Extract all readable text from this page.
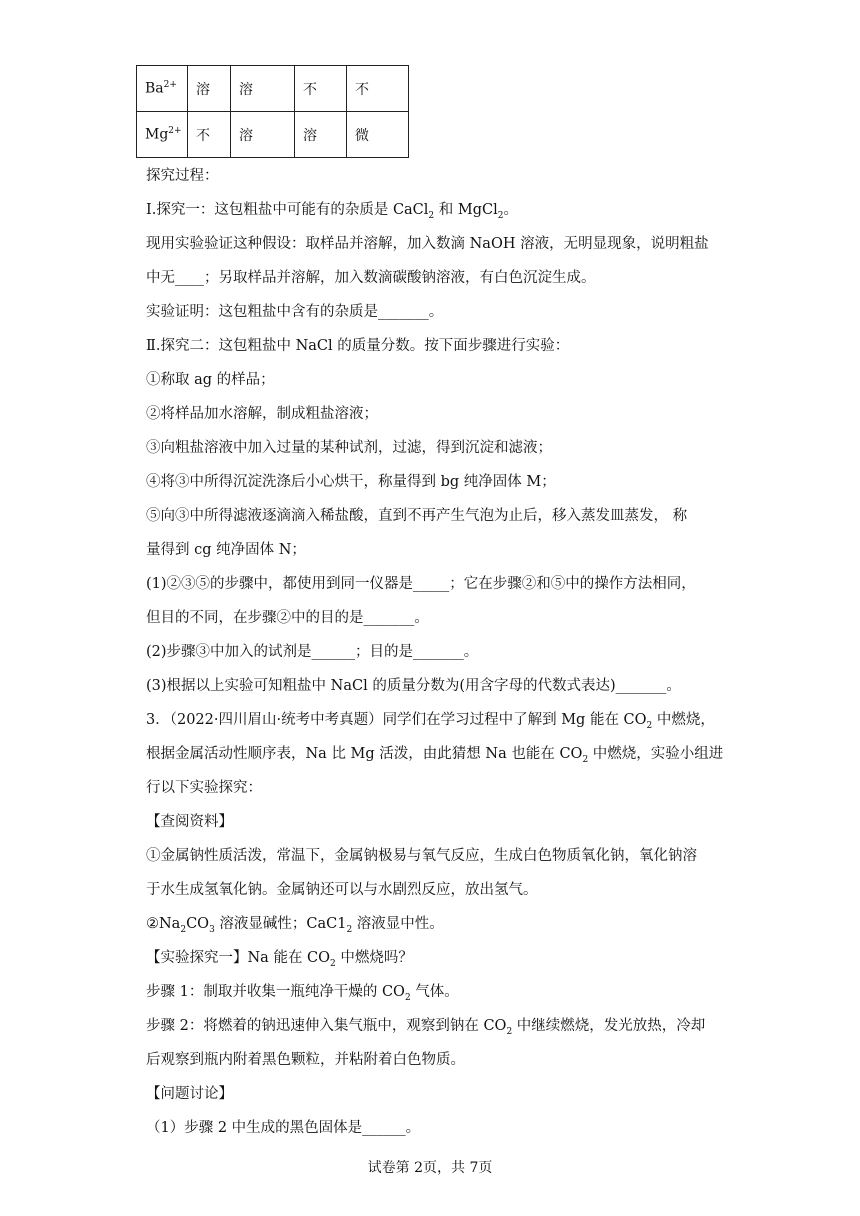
$Ba^{2+}$	溶	溶	不	不
$Mg^{2+}$	不	溶	溶	微
探究过程：
Ⅰ.探究一：这包粗盐中可能有的杂质是 CaCl$_2$ 和 MgCl$_2$。
现用实验验证这种假设：取样品并溶解，加入数滴 NaOH 溶液，无明显现象，说明粗盐
中无____；另取样品并溶解，加入数滴碳酸钠溶液，有白色沉淀生成。
实验证明：这包粗盐中含有的杂质是_______。
Ⅱ.探究二：这包粗盐中 NaCl 的质量分数。按下面步骤进行实验：
①称取 ag 的样品；
②将样品加水溶解，制成粗盐溶液；
③向粗盐溶液中加入过量的某种试剂，过滤，得到沉淀和滤液；
④将③中所得沉淀洗涤后小心烘干，称量得到 bg 纯净固体 M；
⑤向③中所得滤液逐滴滴入稀盐酸，直到不再产生气泡为止后，移入蒸发皿蒸发， 称
量得到 cg 纯净固体 N；
(1)②③⑤的步骤中，都使用到同一仪器是_____；它在步骤②和⑤中的操作方法相同，
但目的不同，在步骤②中的目的是_______。
(2)步骤③中加入的试剂是______；目的是_______。
(3)根据以上实验可知粗盐中 NaCl 的质量分数为(用含字母的代数式表达)_______。
3．（2022·四川眉山·统考中考真题）同学们在学习过程中了解到 Mg 能在 $CO_2$ 中燃烧，
根据金属活动性顺序表，Na 比 Mg 活泼，由此猜想 Na 也能在 $CO_2$ 中燃烧，实验小组进
行以下实验探究：
【查阅资料】
①金属钠性质活泼，常温下，金属钠极易与氧气反应，生成白色物质氧化钠，氧化钠溶
于水生成氢氧化钠。金属钠还可以与水剧烈反应，放出氢气。
$②Na_2CO_3$ 溶液显碱性；$CaC1_2$ 溶液显中性。
【实验探究一】Na 能在 $CO_2$ 中燃烧吗？
步骤 1：制取并收集一瓶纯净干燥的 $CO_2$ 气体。
步骤 2：将燃着的钠迅速伸入集气瓶中，观察到钠在 $CO_2$ 中继续燃烧，发光放热，冷却
后观察到瓶内附着黑色颗粒，并粘附着白色物质。
【问题讨论】
（1）步骤 2 中生成的黑色固体是______。
试卷第 2页，共 7页
